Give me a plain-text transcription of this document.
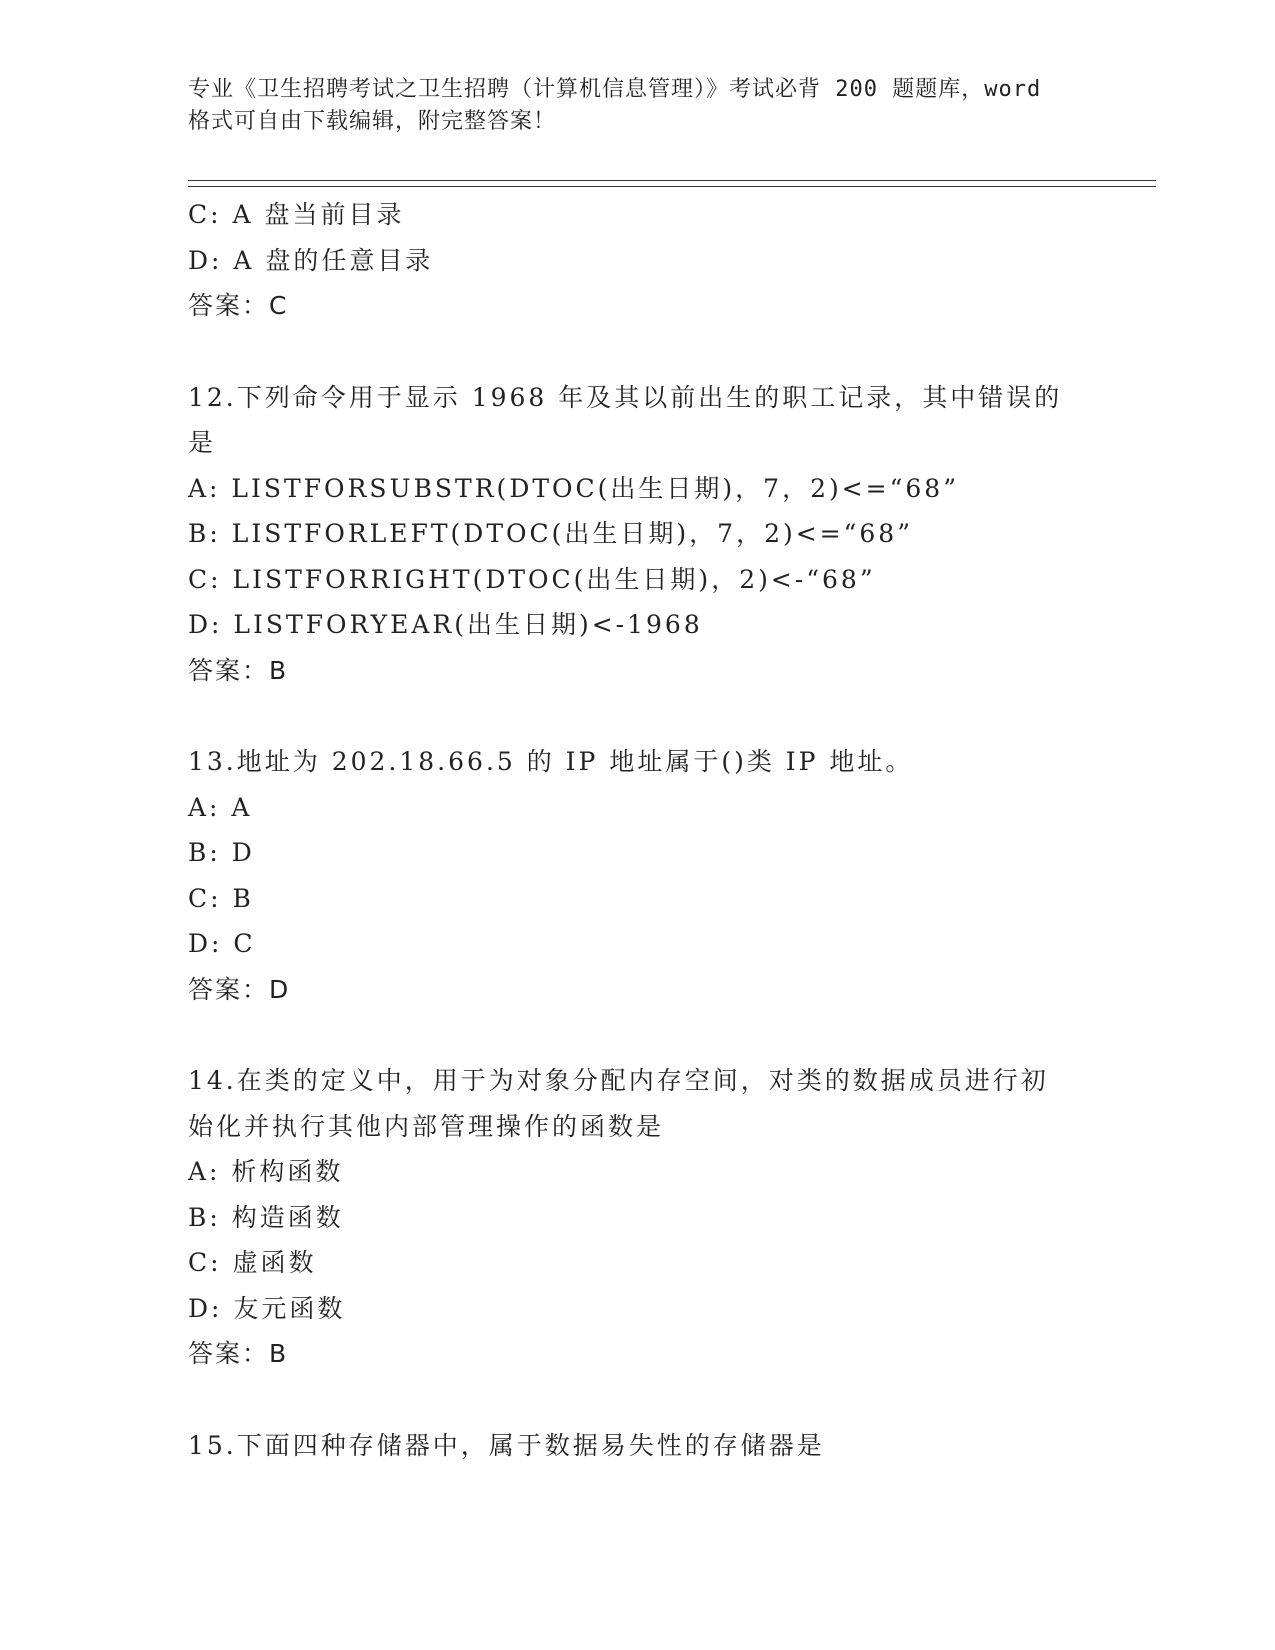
专业《卫生招聘考试之卫生招聘（计算机信息管理）》考试必背 200 题题库，word
格式可自由下载编辑，附完整答案！
C: A 盘当前目录
D: A 盘的任意目录
答案：C
12.下列命令用于显示 1968 年及其以前出生的职工记录，其中错误的
是
A: LISTFORSUBSTR(DTOC(出生日期)，7，2)<=“68”
B: LISTFORLEFT(DTOC(出生日期)，7，2)<=“68”
C: LISTFORRIGHT(DTOC(出生日期)，2)<-“68”
D: LISTFORYEAR(出生日期)<-1968
答案：B
13.地址为 202.18.66.5 的 IP 地址属于()类 IP 地址。
A: A
B: D
C: B
D: C
答案：D
14.在类的定义中，用于为对象分配内存空间，对类的数据成员进行初
始化并执行其他内部管理操作的函数是
A: 析构函数
B: 构造函数
C: 虚函数
D: 友元函数
答案：B
15.下面四种存储器中，属于数据易失性的存储器是
